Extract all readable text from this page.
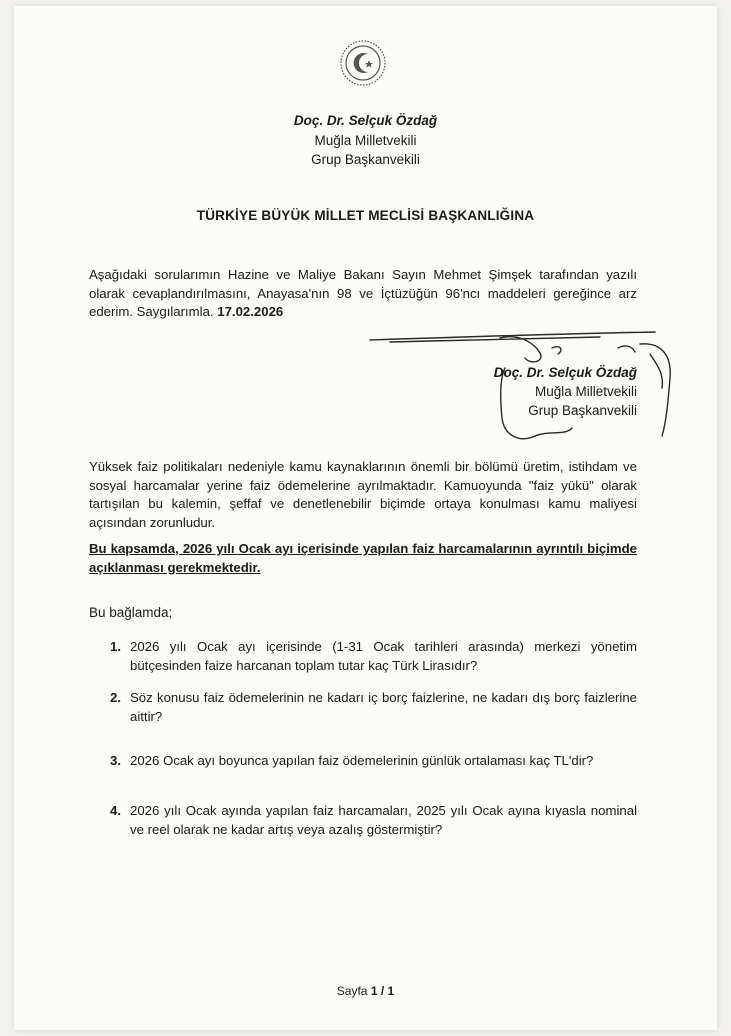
Doç. Dr. Selçuk Özdağ
Muğla Milletvekili
Grup Başkanvekili
TÜRKİYE BÜYÜK MİLLET MECLİSİ BAŞKANLIĞINA
Aşağıdaki sorularımın Hazine ve Maliye Bakanı Sayın Mehmet Şimşek tarafından yazılı olarak cevaplandırılmasını, Anayasa'nın 98 ve İçtüzüğün 96'ncı maddeleri gereğince arz ederim. Saygılarımla. 17.02.2026
Doç. Dr. Selçuk Özdağ
Muğla Milletvekili
Grup Başkanvekili
Yüksek faiz politikaları nedeniyle kamu kaynaklarının önemli bir bölümü üretim, istihdam ve sosyal harcamalar yerine faiz ödemelerine ayrılmaktadır. Kamuoyunda "faiz yükü" olarak tartışılan bu kalemin, şeffaf ve denetlenebilir biçimde ortaya konulması kamu maliyesi açısından zorunludur.
Bu kapsamda, 2026 yılı Ocak ayı içerisinde yapılan faiz harcamalarının ayrıntılı biçimde açıklanması gerekmektedir.
Bu bağlamda;
1. 2026 yılı Ocak ayı içerisinde (1-31 Ocak tarihleri arasında) merkezi yönetim bütçesinden faize harcanan toplam tutar kaç Türk Lirasıdır?
2. Söz konusu faiz ödemelerinin ne kadarı iç borç faizlerine, ne kadarı dış borç faizlerine aittir?
3. 2026 Ocak ayı boyunca yapılan faiz ödemelerinin günlük ortalaması kaç TL'dir?
4. 2026 yılı Ocak ayında yapılan faiz harcamaları, 2025 yılı Ocak ayına kıyasla nominal ve reel olarak ne kadar artış veya azalış göstermiştir?
Sayfa 1 / 1
